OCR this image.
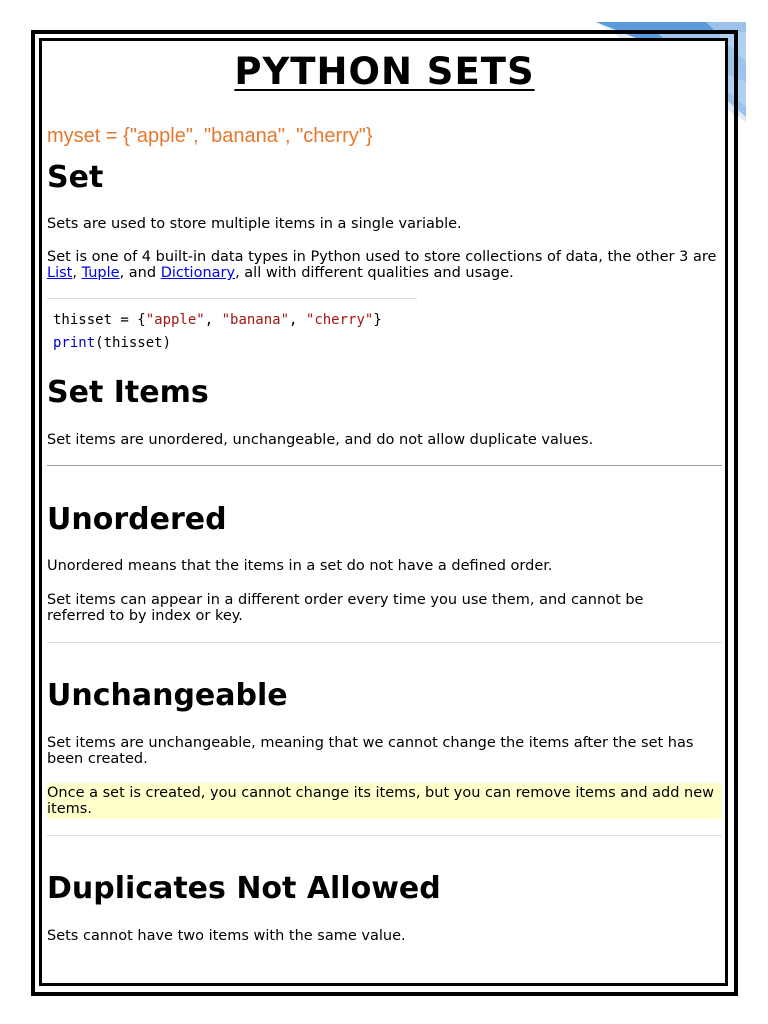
PYTHON SETS
myset = {"apple", "banana", "cherry"}
Set

Sets are used to store multiple items in a single variable.

Set is one of 4 built-in data types in Python used to store collections of data, the other 3 are List, Tuple, and Dictionary, all with different qualities and usage.

thisset = {"apple", "banana", "cherry"}
print(thisset)
Set Items

Set items are unordered, unchangeable, and do not allow duplicate values.

Unordered

Unordered means that the items in a set do not have a defined order.

Set items can appear in a different order every time you use them, and cannot be referred to by index or key.

Unchangeable

Set items are unchangeable, meaning that we cannot change the items after the set has been created.

Once a set is created, you cannot change its items, but you can remove items and add new items.

Duplicates Not Allowed

Sets cannot have two items with the same value.
